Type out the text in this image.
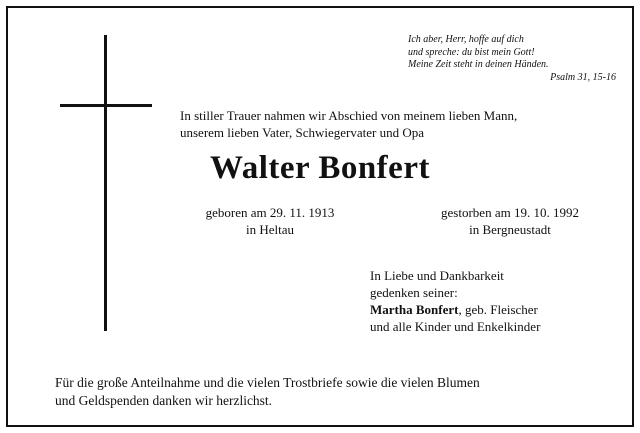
Ich aber, Herr, hoffe auf dich
und spreche: du bist mein Gott!
Meine Zeit steht in deinen Händen.
Psalm 31, 15-16
In stiller Trauer nahmen wir Abschied von meinem lieben Mann,
unserem lieben Vater, Schwiegervater und Opa
Walter Bonfert
geboren am 29. 11. 1913
in Heltau
gestorben am 19. 10. 1992
in Bergneustadt
In Liebe und Dankbarkeit
gedenken seiner:
Martha Bonfert, geb. Fleischer
und alle Kinder und Enkelkinder
Für die große Anteilnahme und die vielen Trostbriefe sowie die vielen Blumen
und Geldspenden danken wir herzlichst.
